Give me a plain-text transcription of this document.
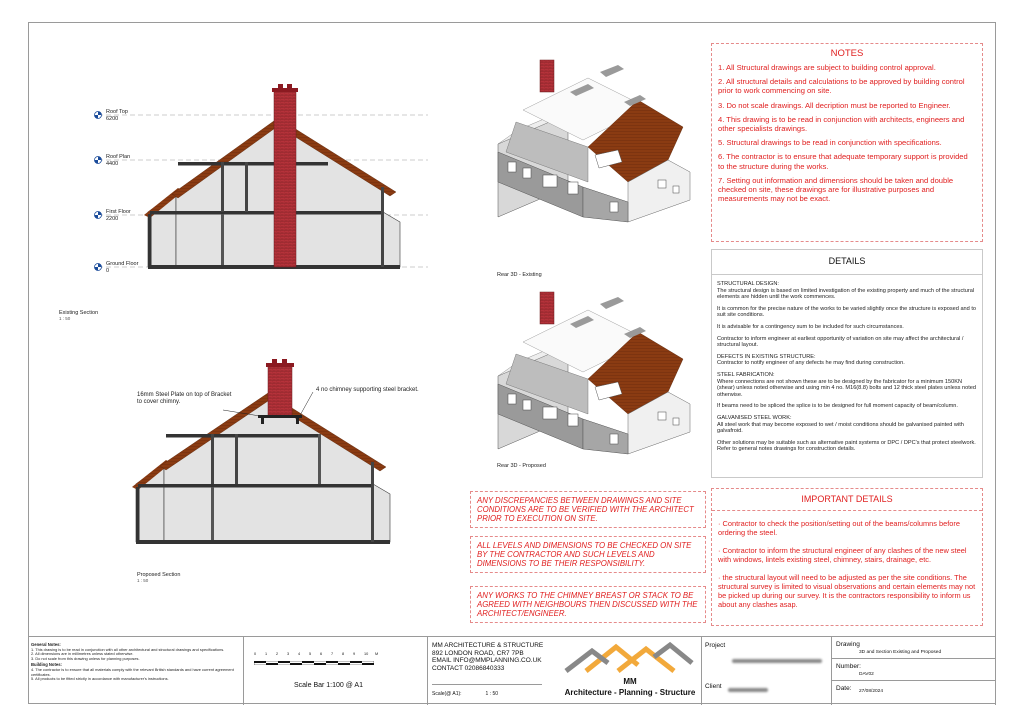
Roof Top
6200
Roof Plan
4400
First Floor
2200
Ground Floor
0
Existing Section
1 : 50
Proposed Section
1 : 50
Rear 3D - Existing
Rear 3D - Proposed
16mm Steel Plate on top of Bracket to cover chimny.
4 no chimney supporting steel bracket.
NOTES

1. All Structural drawings are subject to building control approval.

2. All structural details and calculations to be approved by building control prior to work commencing on site.

3. Do not scale drawings. All decription must be reported to Engineer.

4. This drawing is to be read in conjunction with architects, engineers and other specialists drawings.

5. Structural drawings to be read in conjunction with specifications.

6. The contractor is to ensure that adequate temporary support is provided to the structure during the works.

7. Setting out information and dimensions should be taken and double checked on site, these drawings are for illustrative purposes and measurements may not be exact.

DETAILS

STRUCTURAL DESIGN:
The structural design is based on limited investigation of the existing property and much of the structural elements are hidden until the work commences.

It is common for the precise nature of the works to be varied slightly once the structure is exposed and to suit site conditions.

It is advisable for a contingency sum to be included for such circumstances.

Contractor to inform engineer at earliest opportunity of variation on site may affect the architectural / structural layout.

DEFECTS IN EXISTING STRUCTURE:
Contractor to notify engineer of any defects he may find during construction.

STEEL FABRICATION:
Where connections are not shown these are to be designed by the fabricator for a minimum 150KN (shear) unless noted otherwise and using min 4 no. M16(8.8) bolts and 12 thick steel plates unless noted otherwise.

If beams need to be spliced the splice is to be designed for full moment capacity of beam/column.

GALVANISED STEEL WORK:
All steel work that may become exposed to wet / moist conditions should be galvanised painted with galvafroid.

Other solutions may be suitable such as alternative paint systems or DPC / DPC's that protect steelwork. Refer to general notes drawings for construction details.

IMPORTANT DETAILS

· Contractor to check the position/setting out of the beams/columns before ordering the steel.

· Contractor to inform the structural engineer of any clashes of the new steel with windows, lintels existing steel, chimney, stairs, drainage, etc.

· the structural layout will need to be adjusted as per the site conditions. The structural survey is limited to visual observations and certain elements may not be picked up during our survey. It is the contractors responsibility to inform us about any clashes asap.

ANY DISCREPANCIES BETWEEN DRAWINGS AND SITE CONDITIONS ARE TO BE VERIFIED WITH THE ARCHITECT PRIOR TO EXECUTION ON SITE.
ALL LEVELS AND DIMENSIONS TO BE CHECKED ON SITE BY THE CONTRACTOR AND SUCH LEVELS AND DIMENSIONS TO BE THEIR RESPONSIBILITY.
ANY WORKS TO THE CHIMNEY BREAST OR STACK TO BE AGREED WITH NEIGHBOURS THEN DISCUSSED WITH THE ARCHITECT/ENGINEER.
General Notes:
1. This drawing is to be read in conjunction with all other architectural and structural drawings and specifications.
2. All dimensions are in millimetres unless stated otherwise.
3. Do not scale from this drawing unless for planning purposes.
Building Notes:
4. The contractor is to ensure that all materials comply with the relevant British standards and have current agreement certificates.
5. All products to be fitted strictly in accordance with manufacturer's instructions.
0 1 2 3 4 5 6 7 8 9 10 M
Scale Bar 1:100 @ A1
MM ARCHITECTURE & STRUCTURE
892 LONDON ROAD, CR7 7PB
EMAIL INFO@MMPLANNING.CO.UK
CONTACT 02086840333
Scale(@ A1):	1 : 50
MM
Architecture - Planning - Structure
Project
Client
Drawing
3D and Section Existing and Proposed
Number:
DAV02
Date: 27/08/2024
